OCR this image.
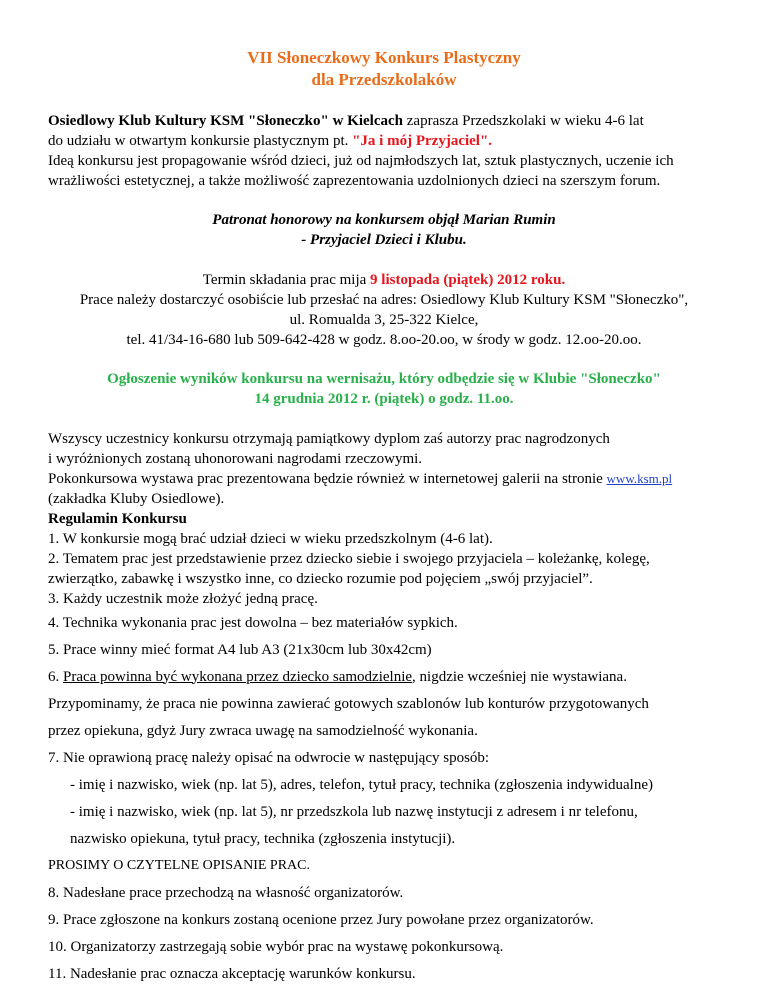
VII Słoneczkowy Konkurs Plastyczny
dla Przedszkolaków

Osiedlowy Klub Kultury KSM "Słoneczko" w Kielcach zaprasza Przedszkolaki w wieku 4-6 lat

do udziału w otwartym konkursie plastycznym pt. "Ja i mój Przyjaciel".

Ideą konkursu jest propagowanie wśród dzieci, już od najmłodszych lat, sztuk plastycznych, uczenie ich

wrażliwości estetycznej, a także możliwość zaprezentowania uzdolnionych dzieci na szerszym forum.

Patronat honorowy na konkursem objął Marian Rumin
- Przyjaciel Dzieci i Klubu.

Termin składania prac mija 9 listopada (piątek) 2012 roku.

Prace należy dostarczyć osobiście lub przesłać na adres: Osiedlowy Klub Kultury KSM "Słoneczko",

ul. Romualda 3, 25-322 Kielce,

tel. 41/34-16-680 lub 509-642-428 w godz. 8.oo-20.oo, w środy w godz. 12.oo-20.oo.

Ogłoszenie wyników konkursu na wernisażu, który odbędzie się w Klubie "Słoneczko"
14 grudnia 2012 r. (piątek) o godz. 11.oo.

Wszyscy uczestnicy konkursu otrzymają pamiątkowy dyplom zaś autorzy prac nagrodzonych

i wyróżnionych zostaną uhonorowani nagrodami rzeczowymi.

Pokonkursowa wystawa prac prezentowana będzie również w internetowej galerii na stronie www.ksm.pl

(zakładka Kluby Osiedlowe).

Regulamin Konkursu

1. W konkursie mogą brać udział dzieci w wieku przedszkolnym (4-6 lat).

2. Tematem prac jest przedstawienie przez dziecko siebie i swojego przyjaciela – koleżankę, kolegę,

zwierzątko, zabawkę i wszystko inne, co dziecko rozumie pod pojęciem „swój przyjaciel”.

3. Każdy uczestnik może złożyć jedną pracę.

4. Technika wykonania prac jest dowolna – bez materiałów sypkich.

5. Prace winny mieć format A4 lub A3 (21x30cm lub 30x42cm)

6. Praca powinna być wykonana przez dziecko samodzielnie, nigdzie wcześniej nie wystawiana.

Przypominamy, że praca nie powinna zawierać gotowych szablonów lub konturów przygotowanych

przez opiekuna, gdyż Jury zwraca uwagę na samodzielność wykonania.

7. Nie oprawioną pracę należy opisać na odwrocie w następujący sposób:

- imię i nazwisko, wiek (np. lat 5), adres, telefon, tytuł pracy, technika (zgłoszenia indywidualne)

- imię i nazwisko, wiek (np. lat 5), nr przedszkola lub nazwę instytucji z adresem i nr telefonu,

nazwisko opiekuna, tytuł pracy, technika (zgłoszenia instytucji).

PROSIMY O CZYTELNE OPISANIE PRAC.

8. Nadesłane prace przechodzą na własność organizatorów.

9. Prace zgłoszone na konkurs zostaną ocenione przez Jury powołane przez organizatorów.

10. Organizatorzy zastrzegają sobie wybór prac na wystawę pokonkursową.

11. Nadesłanie prac oznacza akceptację warunków konkursu.
